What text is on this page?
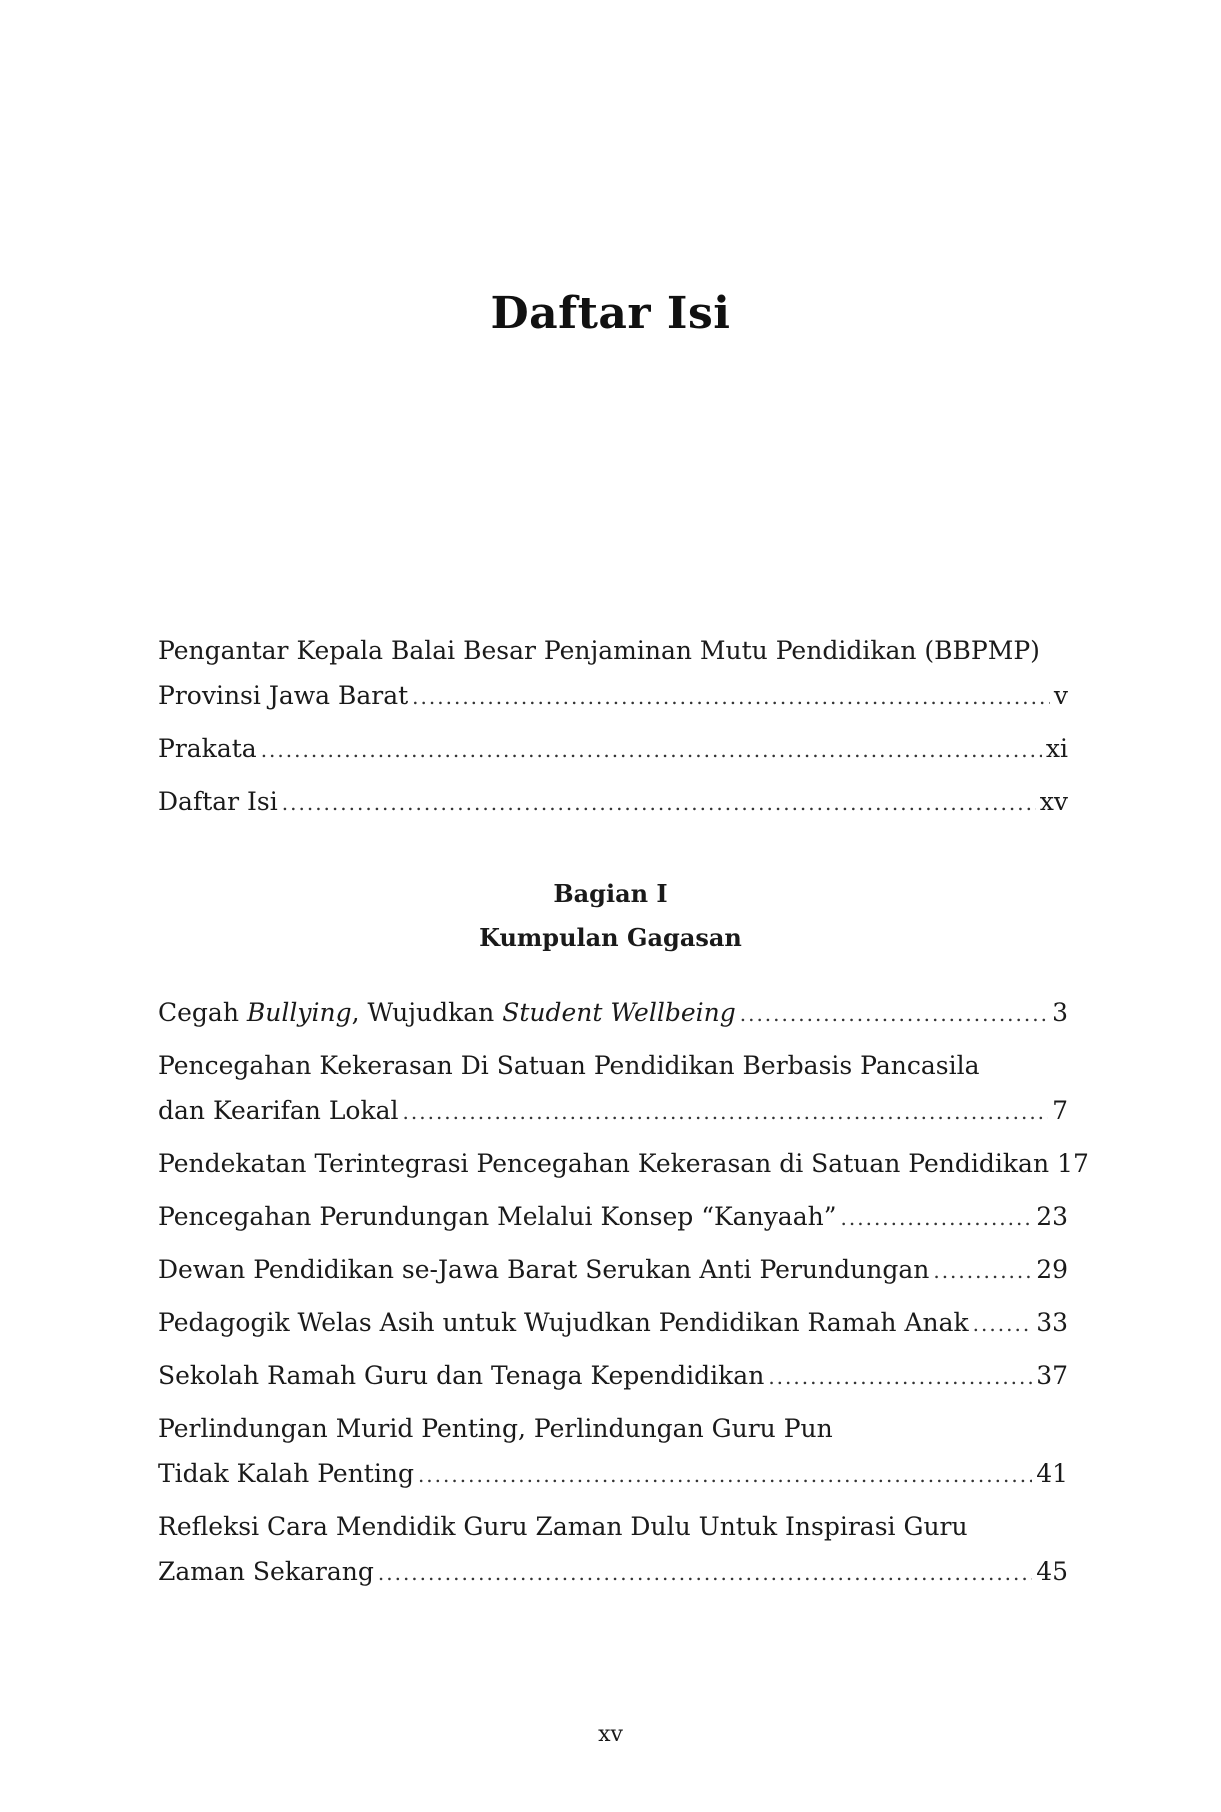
Daftar Isi
Pengantar Kepala Balai Besar Penjaminan Mutu Pendidikan (BBPMP)
Provinsi Jawa Barat .....	v
Prakata .....	xi
Daftar Isi .....	xv
Bagian I
Kumpulan Gagasan
Cegah Bullying, Wujudkan Student Wellbeing .....	3
Pencegahan Kekerasan Di Satuan Pendidikan Berbasis Pancasila
dan Kearifan Lokal .....	7
Pendekatan Terintegrasi Pencegahan Kekerasan di Satuan Pendidikan 17
Pencegahan Perundungan Melalui Konsep “Kanyaah” .....	23
Dewan Pendidikan se-Jawa Barat Serukan Anti Perundungan .....	29
Pedagogik Welas Asih untuk Wujudkan Pendidikan Ramah Anak .....	33
Sekolah Ramah Guru dan Tenaga Kependidikan .....	37
Perlindungan Murid Penting, Perlindungan Guru Pun
Tidak Kalah Penting .....	41
Refleksi Cara Mendidik Guru Zaman Dulu Untuk Inspirasi Guru
Zaman Sekarang .....	45
xv
